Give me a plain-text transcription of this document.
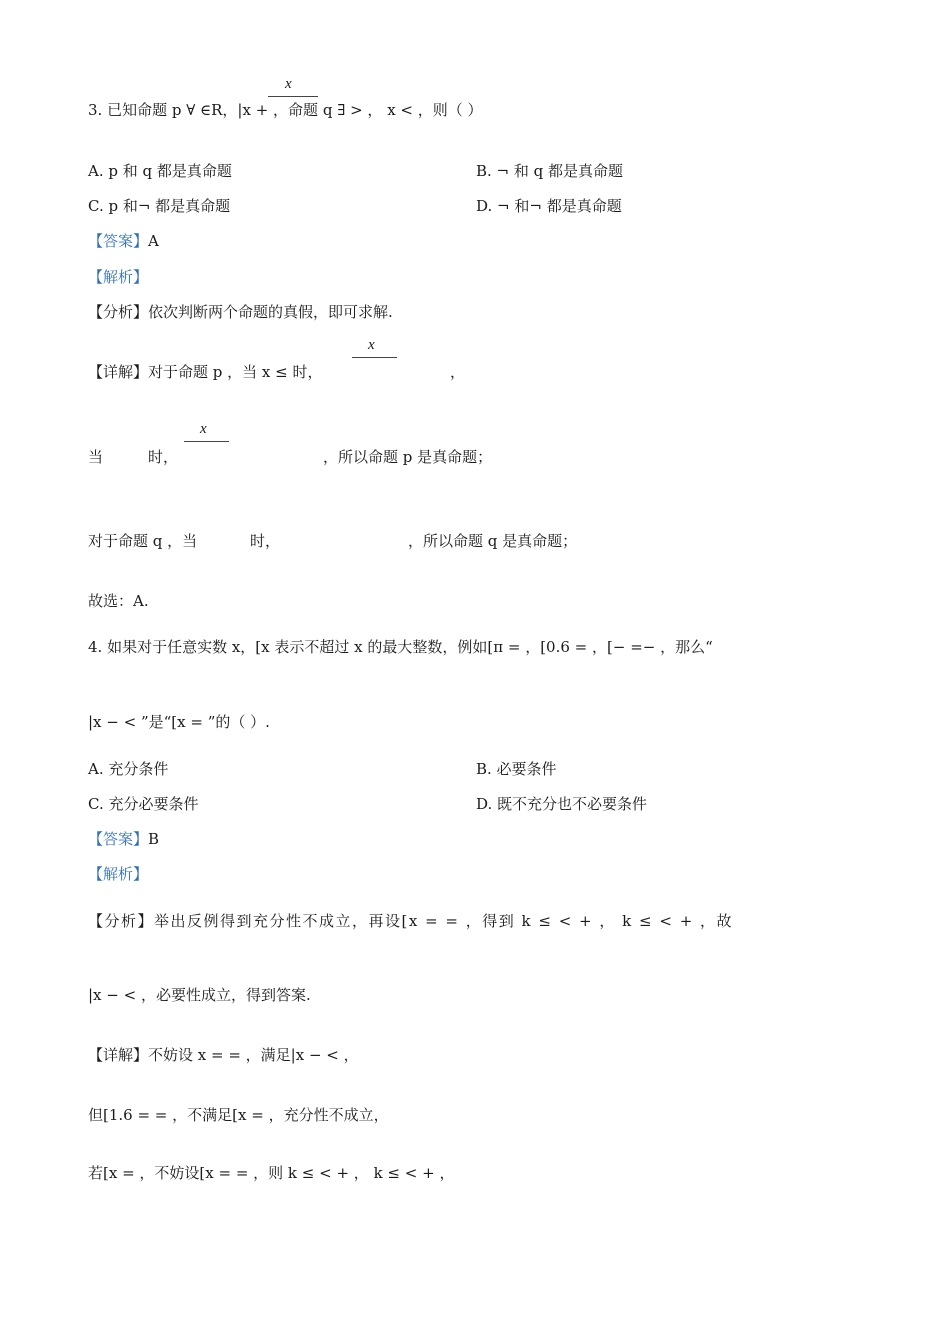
3. 已知命题 p ∀ ∈R，|x + ，命题 q ∃ > ， x < ，则（ ）
x
A. p 和 q 都是真命题	B. ¬ 和 q 都是真命题
C. p 和¬ 都是真命题	D. ¬ 和¬ 都是真命题
【答案】A
【解析】
【分析】依次判断两个命题的真假，即可求解.
【详解】对于命题 p ，当 x ≤ 时，
x
，
当	时，
x
，所以命题 p 是真命题；
对于命题 q ，当	时，	，所以命题 q 是真命题；
故选：A.
4. 如果对于任意实数 x，[x 表示不超过 x 的最大整数，例如[π = ，[0.6 = ，[− =− ，那么“
|x − < ”是“[x = ”的（ ）.
A. 充分条件	B. 必要条件
C. 充分必要条件	D. 既不充分也不必要条件
【答案】B
【解析】
【分析】举出反例得到充分性不成立，再设[x = = ，得到 k ≤ < + ， k ≤ < + ，故
|x − < ，必要性成立，得到答案.
【详解】不妨设 x = = ，满足|x − < ，
但[1.6 = = ，不满足[x = ，充分性不成立，
若[x = ，不妨设[x = = ，则 k ≤ < + ， k ≤ < + ，
